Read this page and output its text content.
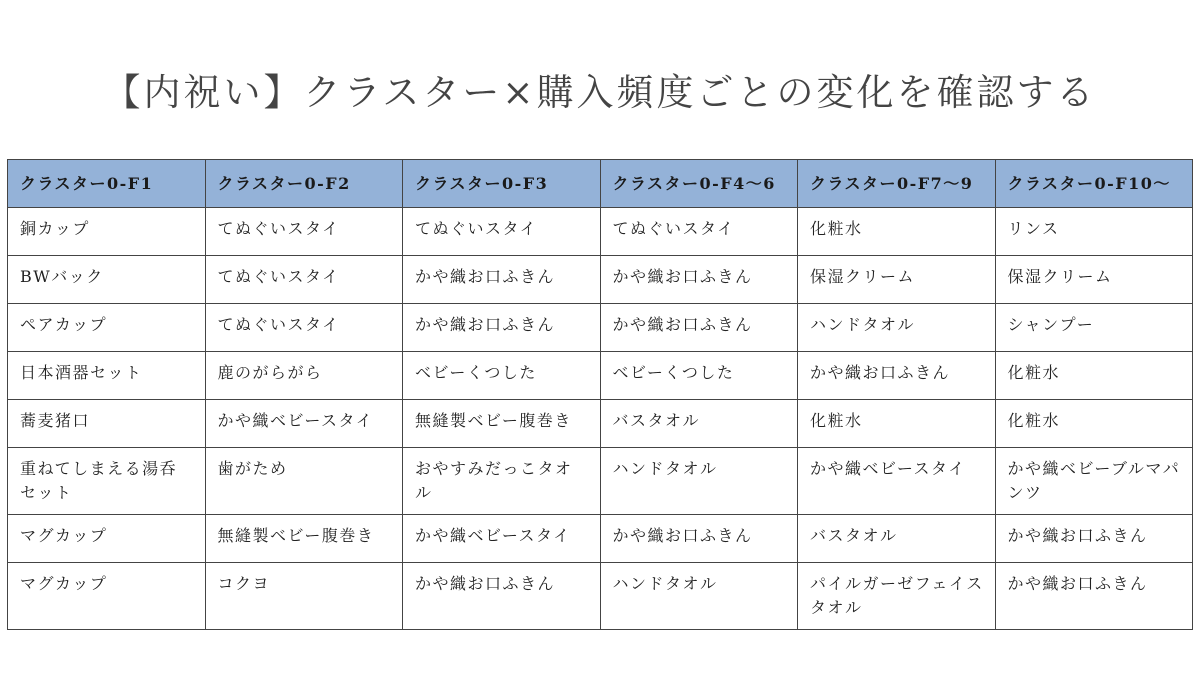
【内祝い】クラスター×購入頻度ごとの変化を確認する
クラスター0-F1	クラスター0-F2	クラスター0-F3	クラスター0-F4〜6	クラスター0-F7〜9	クラスター0-F10〜
銅カップ	てぬぐいスタイ	てぬぐいスタイ	てぬぐいスタイ	化粧水	リンス
BWバック	てぬぐいスタイ	かや織お口ふきん	かや織お口ふきん	保湿クリーム	保湿クリーム
ペアカップ	てぬぐいスタイ	かや織お口ふきん	かや織お口ふきん	ハンドタオル	シャンプー
日本酒器セット	鹿のがらがら	ベビーくつした	ベビーくつした	かや織お口ふきん	化粧水
蕎麦猪口	かや織ベビースタイ	無縫製ベビー腹巻き	バスタオル	化粧水	化粧水
重ねてしまえる湯呑セット	歯がため	おやすみだっこタオル	ハンドタオル	かや織ベビースタイ	かや織ベビーブルマパンツ
マグカップ	無縫製ベビー腹巻き	かや織ベビースタイ	かや織お口ふきん	バスタオル	かや織お口ふきん
マグカップ	コクヨ	かや織お口ふきん	ハンドタオル	パイルガーゼフェイスタオル	かや織お口ふきん
